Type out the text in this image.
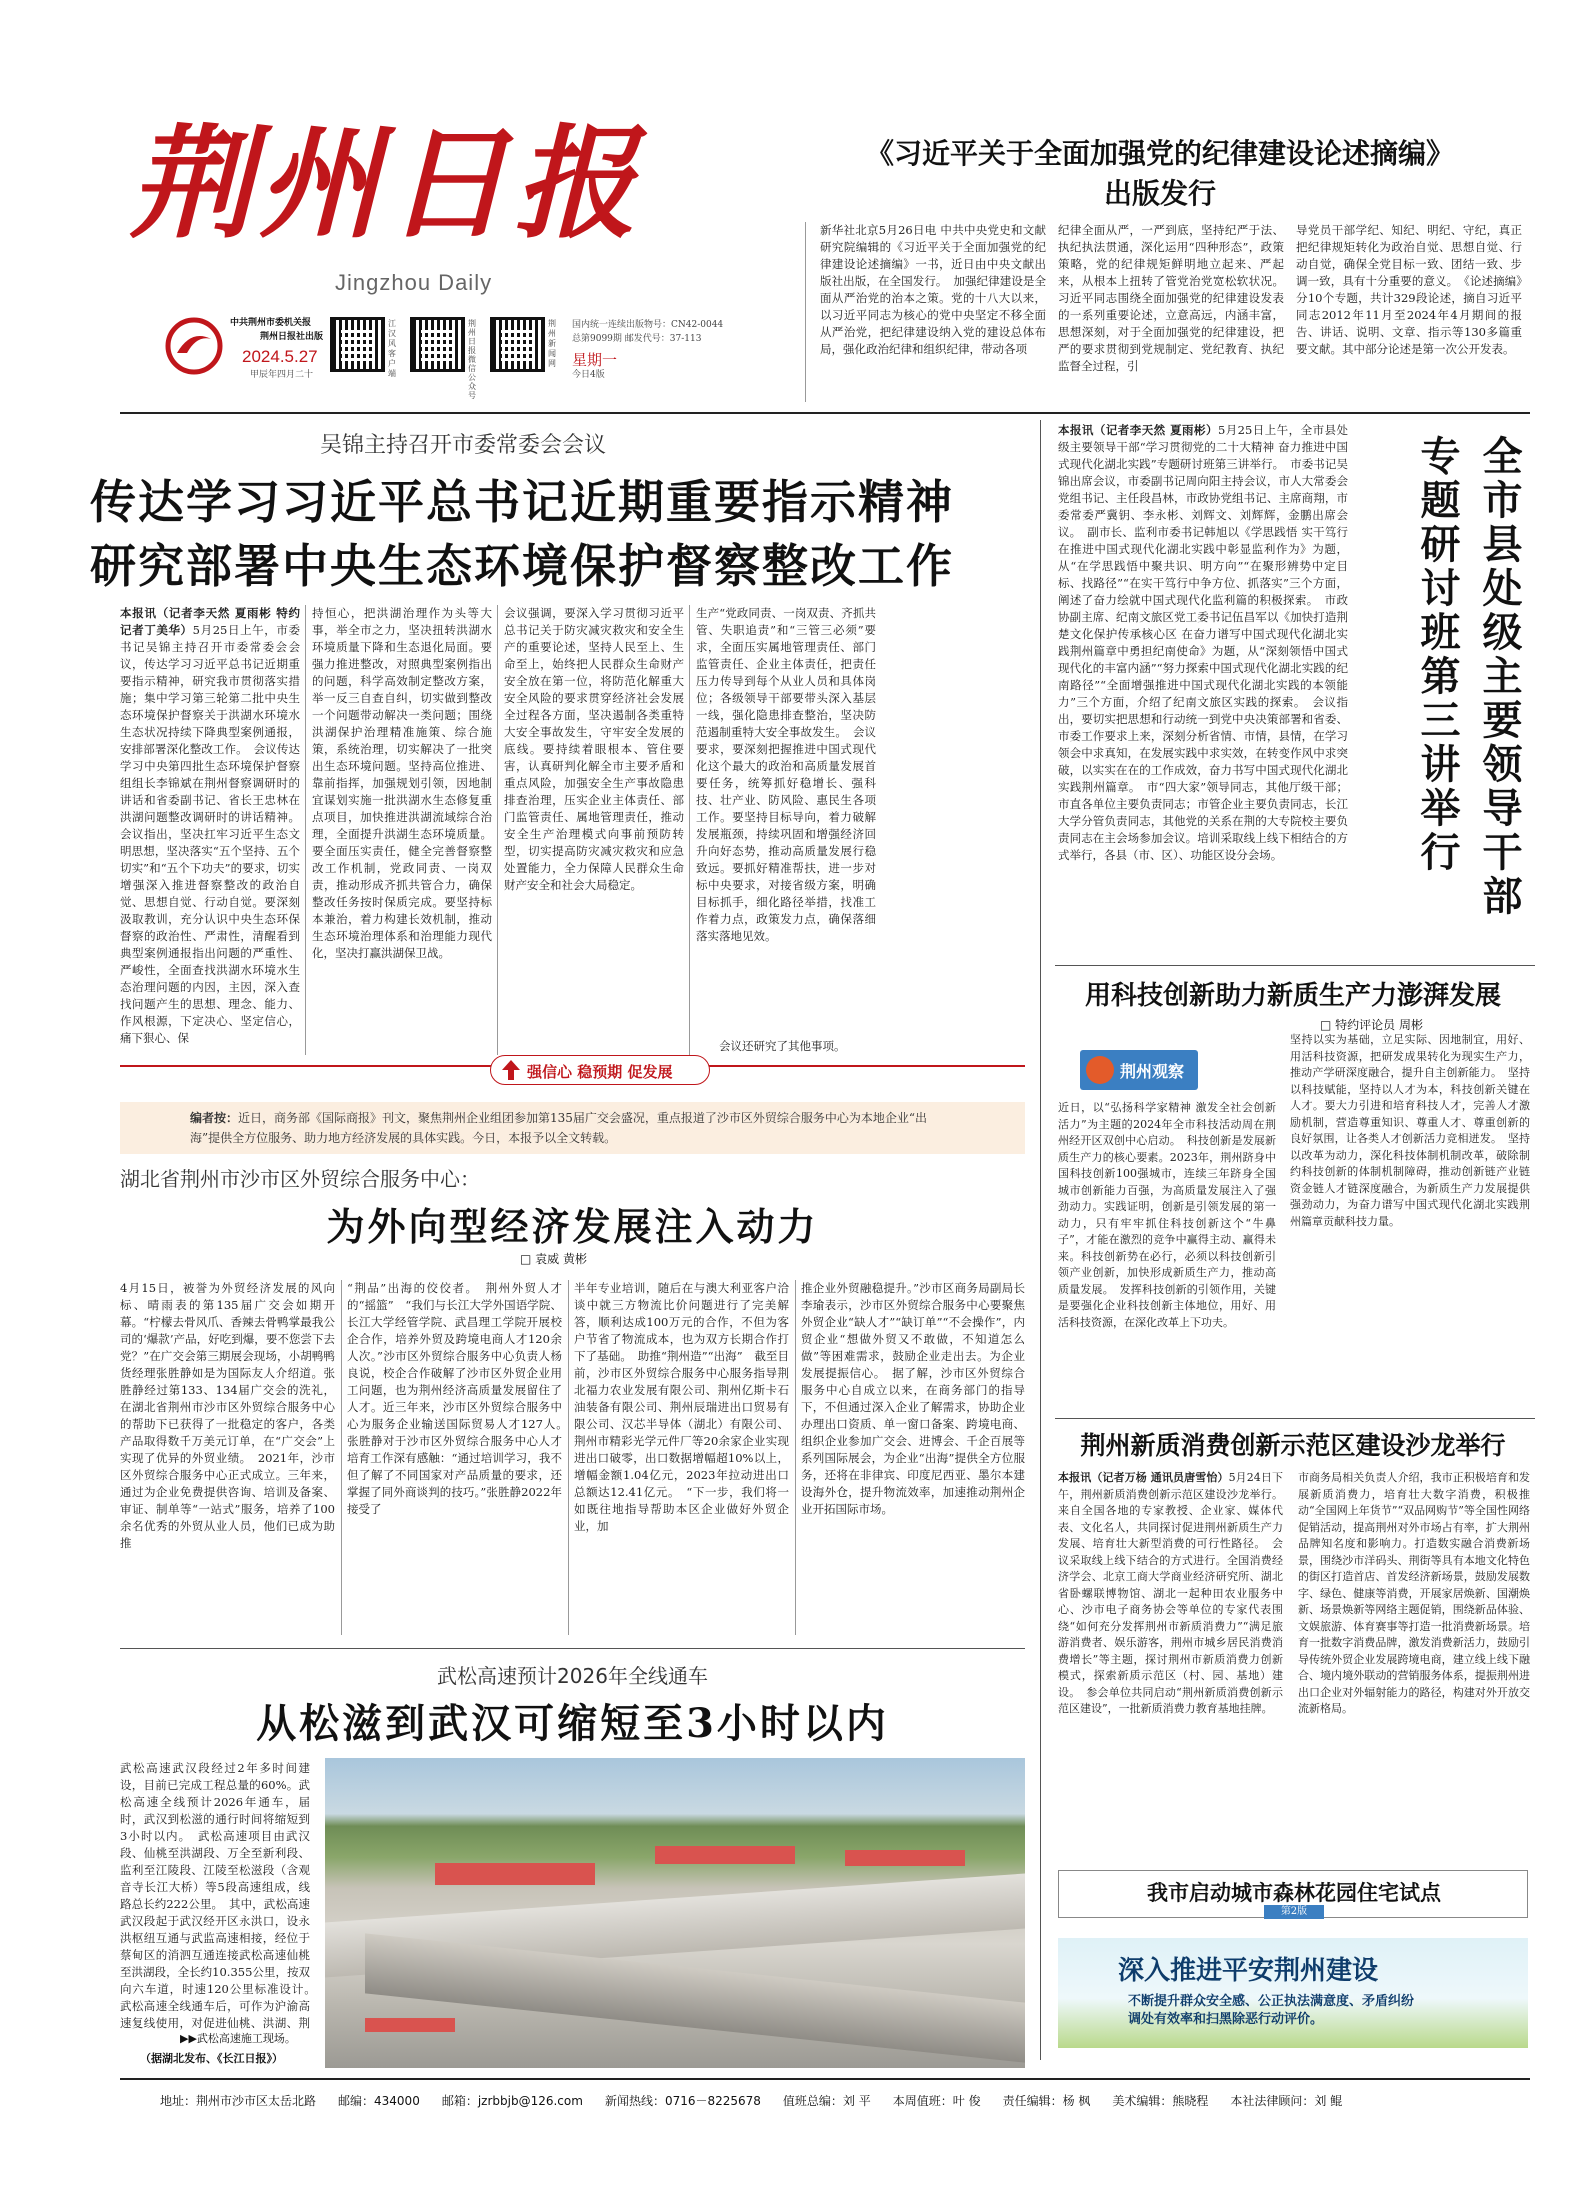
荆州日报
Jingzhou Daily
中共荆州市委机关报
荆州日报社出版
2024.5.27
甲辰年四月二十
江汉风客户端
荆州日报微信公众号
荆州新闻网
国内统一连续出版物号：CN42-0044
总第9099期 邮发代号：37-113
星期一
今日4版
《习近平关于全面加强党的纪律建设论述摘编》
出版发行
新华社北京5月26日电 中共中央党史和文献研究院编辑的《习近平关于全面加强党的纪律建设论述摘编》一书，近日由中央文献出版社出版，在全国发行。　加强纪律建设是全面从严治党的治本之策。党的十八大以来，以习近平同志为核心的党中央坚定不移全面从严治党，把纪律建设纳入党的建设总体布局，强化政治纪律和组织纪律，带动各项
纪律全面从严，一严到底，坚持纪严于法、执纪执法贯通，深化运用“四种形态”，政策策略，党的纪律规矩鲜明地立起来、严起来，从根本上扭转了管党治党宽松软状况。习近平同志围绕全面加强党的纪律建设发表的一系列重要论述，立意高远，内涵丰富，思想深刻，对于全面加强党的纪律建设，把严的要求贯彻到党规制定、党纪教育、执纪监督全过程，引
导党员干部学纪、知纪、明纪、守纪，真正把纪律规矩转化为政治自觉、思想自觉、行动自觉，确保全党目标一致、团结一致、步调一致，具有十分重要的意义。　《论述摘编》分10个专题，共计329段论述，摘自习近平同志2012年11月至2024年4月期间的报告、讲话、说明、文章、指示等130多篇重要文献。其中部分论述是第一次公开发表。
吴锦主持召开市委常委会会议
传达学习习近平总书记近期重要指示精神
研究部署中央生态环境保护督察整改工作
本报讯（记者李天然 夏雨彬 特约记者丁美华）5月25日上午，市委书记吴锦主持召开市委常委会会议，传达学习习近平总书记近期重要指示精神，研究我市贯彻落实措施；集中学习第三轮第二批中央生态环境保护督察关于洪湖水环境水生态状况持续下降典型案例通报，安排部署深化整改工作。　会议传达学习中央第四批生态环境保护督察组组长李锦斌在荆州督察调研时的讲话和省委副书记、省长王忠林在洪湖问题整改调研时的讲话精神。会议指出，坚决扛牢习近平生态文明思想，坚决落实“五个坚持、五个切实”和“五个下功夫”的要求，切实增强深入推进督察整改的政治自觉、思想自觉、行动自觉。要深刻汲取教训，充分认识中央生态环保督察的政治性、严肃性，清醒看到典型案例通报指出问题的严重性、严峻性，全面查找洪湖水环境水生态治理问题的内因，主因，深入查找问题产生的思想、理念、能力、作风根源，下定决心、坚定信心，痛下狠心、保
持恒心，把洪湖治理作为头等大事，举全市之力，坚决扭转洪湖水环境质量下降和生态退化局面。要强力推进整改，对照典型案例指出的问题，科学高效制定整改方案，举一反三自查自纠，切实做到整改一个问题带动解决一类问题；围绕洪湖保护治理精准施策、综合施策，系统治理，切实解决了一批突出生态环境问题。坚持高位推进、靠前指挥，加强规划引领，因地制宜谋划实施一批洪湖水生态修复重点项目，加快推进洪湖流域综合治理，全面提升洪湖生态环境质量。要全面压实责任，健全完善督察整改工作机制，党政同责、一岗双责，推动形成齐抓共管合力，确保整改任务按时保质完成。要坚持标本兼治，着力构建长效机制，推动生态环境治理体系和治理能力现代化，坚决打赢洪湖保卫战。
会议强调，要深入学习贯彻习近平总书记关于防灾减灾救灾和安全生产的重要论述，坚持人民至上、生命至上，始终把人民群众生命财产安全放在第一位，将防范化解重大安全风险的要求贯穿经济社会发展全过程各方面，坚决遏制各类重特大安全事故发生，守牢安全发展的底线。要持续着眼根本、管住要害，认真研判化解全市主要矛盾和重点风险，加强安全生产事故隐患排查治理，压实企业主体责任、部门监管责任、属地管理责任，推动安全生产治理模式向事前预防转型，切实提高防灾减灾救灾和应急处置能力，全力保障人民群众生命财产安全和社会大局稳定。
生产“党政同责、一岗双责、齐抓共管、失职追责”和“三管三必须”要求，全面压实属地管理责任、部门监管责任、企业主体责任，把责任压力传导到每个从业人员和具体岗位；各级领导干部要带头深入基层一线，强化隐患排查整治，坚决防范遏制重特大安全事故发生。　会议要求，要深刻把握推进中国式现代化这个最大的政治和高质量发展首要任务，统筹抓好稳增长、强科技、壮产业、防风险、惠民生各项工作。要坚持目标导向，着力破解发展瓶颈，持续巩固和增强经济回升向好态势，推动高质量发展行稳致远。要抓好精准帮扶，进一步对标中央要求，对接省级方案，明确目标抓手，细化路径举措，找准工作着力点，政策发力点，确保落细落实落地见效。
会议还研究了其他事项。
本报讯（记者李天然 夏雨彬）5月25日上午，全市县处级主要领导干部“学习贯彻党的二十大精神 奋力推进中国式现代化湖北实践”专题研讨班第三讲举行。　市委书记吴锦出席会议，市委副书记周向阳主持会议，市人大常委会党组书记、主任段昌林，市政协党组书记、主席商翔，市委常委严冀钥、李永彬、刘辉文、刘辉辉，金鹏出席会议。　副市长、监利市委书记韩旭以《学思践悟 实干笃行 在推进中国式现代化湖北实践中彰显监利作为》为题，从“在学思践悟中聚共识、明方向”“在聚形辨势中定目标、找路径”“在实干笃行中争方位、抓落实”三个方面，阐述了奋力绘就中国式现代化监利篇的积极探索。　市政协副主席、纪南文旅区党工委书记伍昌军以《加快打造荆楚文化保护传承核心区 在奋力谱写中国式现代化湖北实践荆州篇章中勇担纪南使命》为题，从“深刻领悟中国式现代化的丰富内涵”“努力探索中国式现代化湖北实践的纪南路径”“全面增强推进中国式现代化湖北实践的本领能力”三个方面，介绍了纪南文旅区实践的探索。　会议指出，要切实把思想和行动统一到党中央决策部署和省委、市委工作要求上来，深刻分析省情、市情，县情，在学习领会中求真知，在发展实践中求实效，在转变作风中求突破，以实实在在的工作成效，奋力书写中国式现代化湖北实践荆州篇章。　市“四大家”领导同志，其他厅级干部；市直各单位主要负责同志；市管企业主要负责同志，长江大学分管负责同志，其他党的关系在荆的大专院校主要负责同志在主会场参加会议。培训采取线上线下相结合的方式举行，各县（市、区）、功能区设分会场。	全市县处级主要领导干部专题研讨班第三讲举行
用科技创新助力新质生产力澎湃发展
□ 特约评论员 周彬
荆州观察
近日，以“弘扬科学家精神 激发全社会创新活力”为主题的2024年全市科技活动周在荆州经开区双创中心启动。　科技创新是发展新质生产力的核心要素。2023年，荆州跻身中国科技创新100强城市，连续三年跻身全国城市创新能力百强，为高质量发展注入了强劲动力。实践证明，创新是引领发展的第一动力，只有牢牢抓住科技创新这个“牛鼻子”，才能在激烈的竞争中赢得主动、赢得未来。科技创新势在必行，必须以科技创新引领产业创新，加快形成新质生产力，推动高质量发展。　发挥科技创新的引领作用，关键是要强化企业科技创新主体地位，用好、用活科技资源，在深化改革上下功夫。
坚持以实为基础，立足实际、因地制宜，用好、用活科技资源，把研发成果转化为现实生产力，推动产学研深度融合，提升自主创新能力。　坚持以科技赋能，坚持以人才为本，科技创新关键在人才。要大力引进和培育科技人才，完善人才激励机制，营造尊重知识、尊重人才、尊重创新的良好氛围，让各类人才创新活力竞相迸发。　坚持以改革为动力，深化科技体制机制改革，破除制约科技创新的体制机制障碍，推动创新链产业链资金链人才链深度融合，为新质生产力发展提供强劲动力，为奋力谱写中国式现代化湖北实践荆州篇章贡献科技力量。
强信心 稳预期 促发展
编者按：近日，商务部《国际商报》刊文，聚焦荆州企业组团参加第135届广交会盛况，重点报道了沙市区外贸综合服务中心为本地企业“出海”提供全方位服务、助力地方经济发展的具体实践。今日，本报予以全文转载。
湖北省荆州市沙市区外贸综合服务中心：
为外向型经济发展注入动力
□ 袁威 黄彬
4月15日，被誉为外贸经济发展的风向标、晴雨表的第135届广交会如期开幕。“柠檬去骨风爪、香辣去骨鸭掌最我公司的‘爆款’产品，好吃到爆，要不您尝下去党？”在广交会第三期展会现场，小胡鸭鸭货经理张胜静如是为国际友人介绍道。张胜静经过第133、134届广交会的洗礼，在湖北省荆州市沙市区外贸综合服务中心的帮助下已获得了一批稳定的客户，各类产品取得数千万美元订单，在“广交会”上实现了优异的外贸业绩。　2021年，沙市区外贸综合服务中心正式成立。三年来，通过为企业免费提供咨询、培训及备案、审证、制单等“一站式”服务，培养了100余名优秀的外贸从业人员，他们已成为助推
“荆品”出海的佼佼者。　荆州外贸人才的“摇篮”　“我们与长江大学外国语学院、长江大学经管学院、武昌理工学院开展校企合作，培养外贸及跨境电商人才120余人次。”沙市区外贸综合服务中心负责人杨良说，校企合作破解了沙市区外贸企业用工问题，也为荆州经济高质量发展留住了人才。近三年来，沙市区外贸综合服务中心为服务企业输送国际贸易人才127人。　张胜静对于沙市区外贸综合服务中心人才培育工作深有感触：“通过培训学习，我不但了解了不同国家对产品质量的要求，还掌握了同外商谈判的技巧。”张胜静2022年接受了
半年专业培训，随后在与澳大利亚客户洽谈中就三方物流比价问题进行了完美解答，顺利达成100万元的合作，不但为客户节省了物流成本，也为双方长期合作打下了基础。　助推“荆州造”“出海”　截至目前，沙市区外贸综合服务中心服务指导荆北福力农业发展有限公司、荆州亿斯卡石油装备有限公司、荆州辰瑞进出口贸易有限公司、汉芯半导体（湖北）有限公司、荆州市精彩光学元件厂等20余家企业实现进出口破零，出口数据增幅超10%以上，增幅金额1.04亿元，2023年拉动进出口总额达12.41亿元。　“下一步，我们将一如既往地指导帮助本区企业做好外贸企业，加
推企业外贸融稳提升。”沙市区商务局副局长李瑜表示，沙市区外贸综合服务中心要聚焦外贸企业“缺人才”“缺订单”“不会操作”，内贸企业“想做外贸又不敢做，不知道怎么做”等困难需求，鼓励企业走出去。为企业发展提振信心。　据了解，沙市区外贸综合服务中心自成立以来，在商务部门的指导下，不但通过深入企业了解需求，协助企业办理出口资质、单一窗口备案、跨境电商、组织企业参加广交会、进博会、千企百展等系列国际展会，为企业“出海”提供全方位服务，还将在非律宾、印度尼西亚、墨尔本建设海外仓，提升物流效率，加速推动荆州企业开拓国际市场。
武松高速预计2026年全线通车
从松滋到武汉可缩短至3小时以内
武松高速武汉段经过2年多时间建设，目前已完成工程总量的60%。武松高速全线预计2026年通车，届时，武汉到松滋的通行时间将缩短到3小时以内。　武松高速项目由武汉段、仙桃至洪湖段、万全至新利段、监利至江陵段、江陵至松滋段（含观音寺长江大桥）等5段高速组成，线路总长约222公里。　其中，武松高速武汉段起于武汉经开区永洪口，设永洪枢纽互通与武监高速相接，经位于蔡甸区的消泗互通连接武松高速仙桃至洪湖段，全长约10.355公里，按双向六车道，时速120公里标准设计。　武松高速全线通车后，可作为沪渝高速复线使用，对促进仙桃、洪湖、荆
▶▶武松高速施工现场。
（据湖北发布、《长江日报》）
荆州新质消费创新示范区建设沙龙举行
本报讯（记者万杨 通讯员唐雪怡）5月24日下午，荆州新质消费创新示范区建设沙龙举行。来自全国各地的专家教授、企业家、媒体代表、文化名人，共同探讨促进荆州新质生产力发展、培育壮大新型消费的可行性路径。　会议采取线上线下结合的方式进行。全国消费经济学会、北京工商大学商业经济研究所、湖北省卧螺联博物馆、湖北一起种田农业服务中心、沙市电子商务协会等单位的专家代表围绕“如何充分发挥荆州市新质消费力”“满足旅游消费者、娱乐游客，荆州市城乡居民消费消费增长”等主题，探讨荆州市新质消费力创新模式，探索新质示范区（村、园、基地）建设。　参会单位共同启动“荆州新质消费创新示范区建设”，一批新质消费力教育基地挂牌。
市商务局相关负责人介绍，我市正积极培育和发展新质消费力，培育壮大数字消费，积极推动“全国网上年货节”“双品网购节”等全国性网络促销活动，提高荆州对外市场占有率，扩大荆州品牌知名度和影响力。打造数实融合消费新场景，围绕沙市洋码头、荆街等具有本地文化特色的街区打造首店、首发经济新场景，鼓励发展数字、绿色、健康等消费，开展家居焕新、国潮焕新、场景焕新等网络主题促销，围绕新品体验、文娱旅游、体育赛事等打造一批消费新场景。培育一批数字消费品牌，激发消费新活力，鼓励引导传统外贸企业发展跨境电商，建立线上线下融合、境内境外联动的营销服务体系，提振荆州进出口企业对外辐射能力的路径，构建对外开放交流新格局。
我市启动城市森林花园住宅试点
第2版
深入推进平安荆州建设
不断提升群众安全感、公正执法满意度、矛盾纠纷
调处有效率和扫黑除恶行动评价。
地址：荆州市沙市区太岳北路 邮编：434000 邮箱：jzrbbjb@126.com 新闻热线：0716－8225678 值班总编：刘 平 本周值班：叶 俊 责任编辑：杨 枫 美术编辑：熊晓程 本社法律顾问：刘 鲲
